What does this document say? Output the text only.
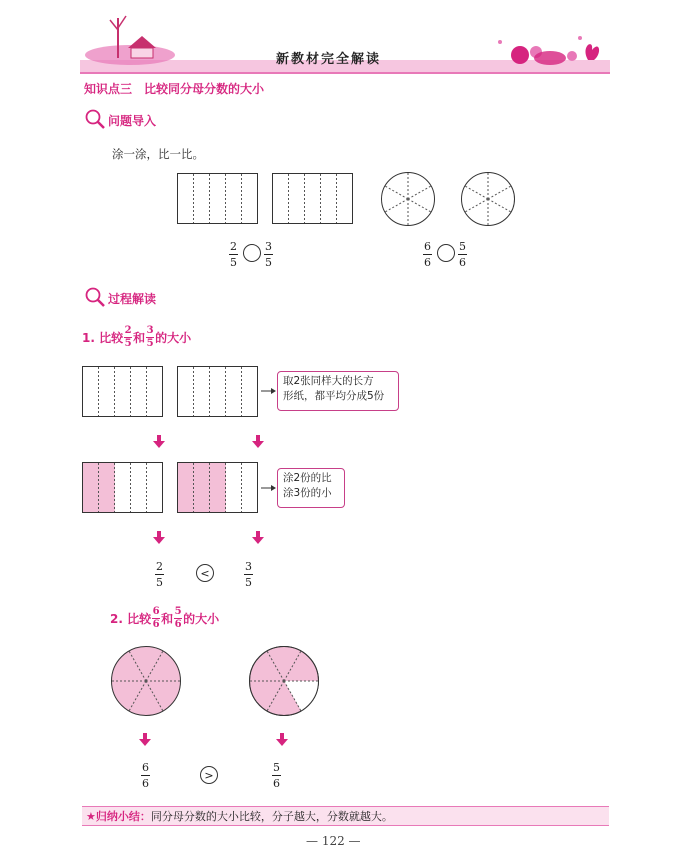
新教材完全解读
知识点三　比较同分母分数的大小
问题导入
涂一涂，比一比。
2
5
3
5
6
6
5
6
过程解读
1. 比较 $\frac{2}{5}$ 和 $\frac{3}{5}$ 的大小
取2张同样大的长方
形纸，都平均分成5份
涂2份的比
涂3份的小
2
5
<	3
5
2. 比较 $\frac{6}{6}$ 和 $\frac{5}{6}$ 的大小
6
6
>
5
6
★归纳小结： 同分母分数的大小比较，分子越大，分数就越大。
— 122 —
